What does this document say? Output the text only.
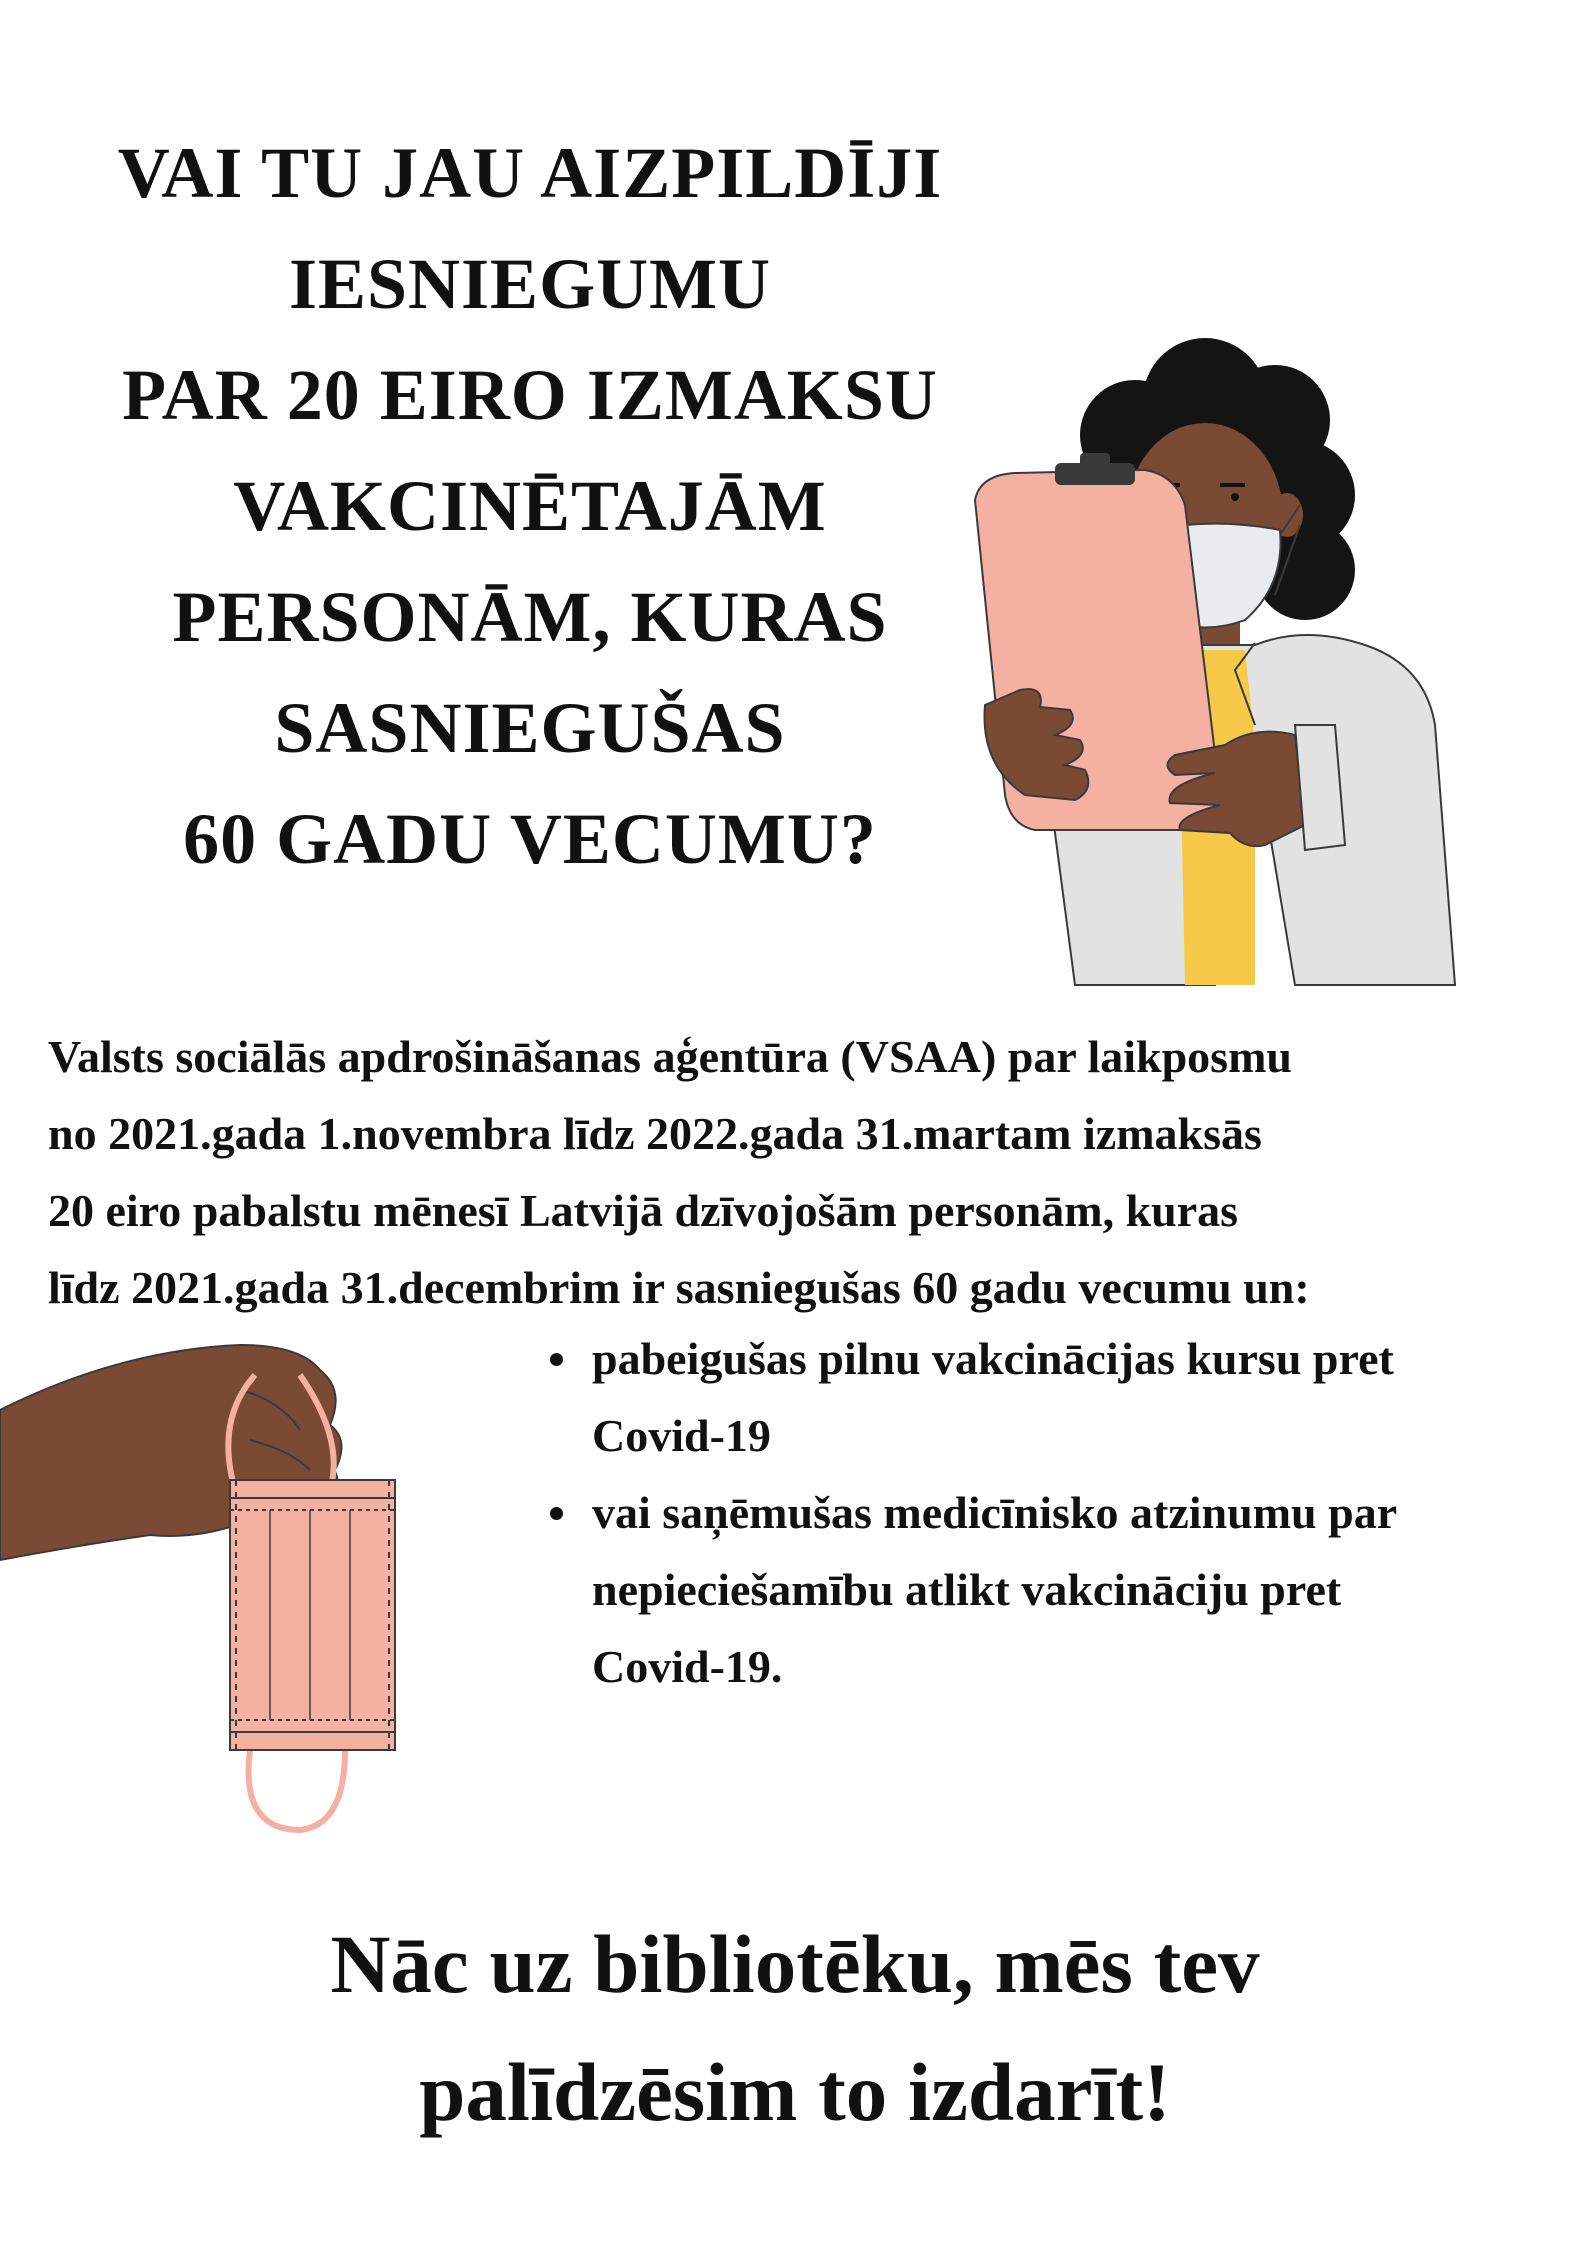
VAI TU JAU AIZPILDĪJI
IESNIEGUMU
PAR 20 EIRO IZMAKSU
VAKCINĒTAJĀM
PERSONĀM, KURAS
SASNIEGUŠAS
60 GADU VECUMU?
Valsts sociālās apdrošināšanas aģentūra (VSAA) par laikposmu
no 2021.gada 1.novembra līdz 2022.gada 31.martam izmaksās
20 eiro pabalstu mēnesī Latvijā dzīvojošām personām, kuras
līdz 2021.gada 31.decembrim ir sasniegušas 60 gadu vecumu un:
pabeigušas pilnu vakcinācijas kursu pret
Covid-19
vai saņēmušas medicīnisko atzinumu par
nepieciešamību atlikt vakcināciju pret
Covid-19.
Nāc uz bibliotēku, mēs tev
palīdzēsim to izdarīt!
